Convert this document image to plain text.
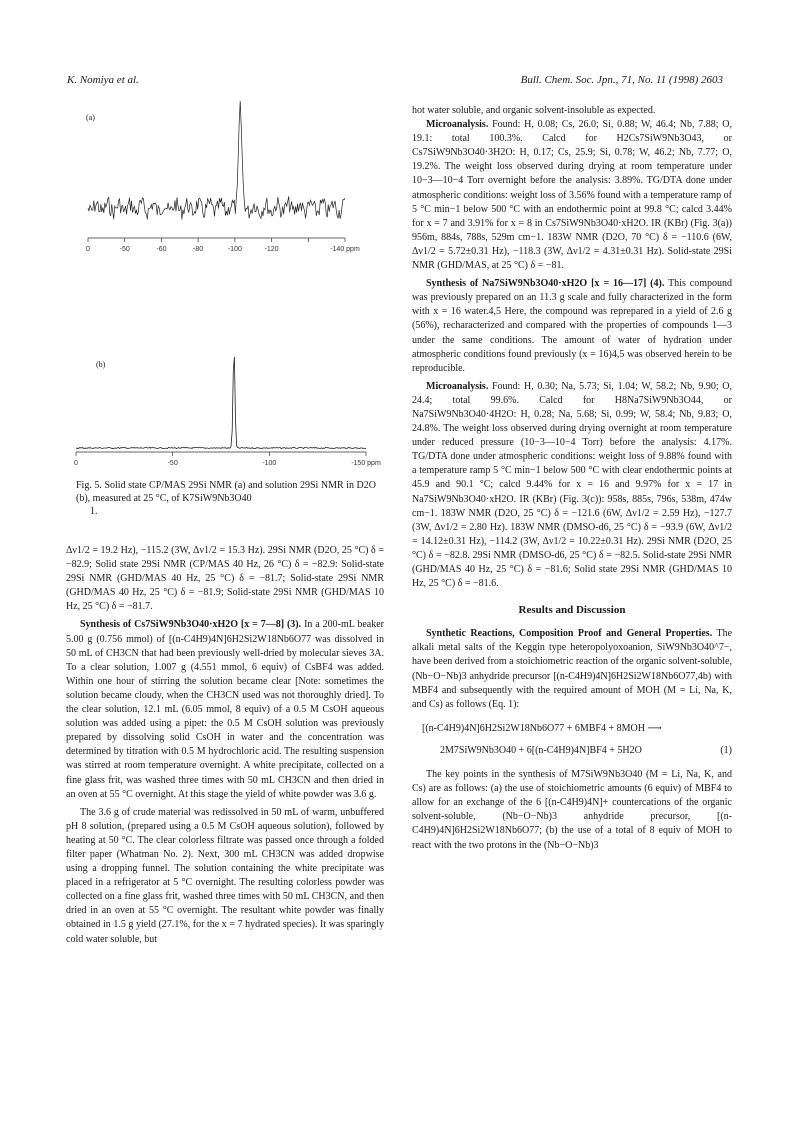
K. Nomiya et al.	Bull. Chem. Soc. Jpn., 71, No. 11 (1998) 2603
0	-50	-60	-80	-100	-120	-140 ppm
0	-50	-100	-150 ppm
(a)
(b)
Fig. 5. Solid state CP/MAS 29Si NMR (a) and solution 29Si NMR in D2O (b), measured at 25 °C, of K7SiW9Nb3O40
1.

Δν1/2 = 19.2 Hz), −115.2 (3W, Δν1/2 = 15.3 Hz). 29Si NMR (D2O, 25 °C) δ = −82.9; Solid state 29Si NMR (CP/MAS 40 Hz, 26 °C) δ = −82.9: Solid-state 29Si NMR (GHD/MAS 40 Hz, 25 °C) δ = −81.7; Solid-state 29Si NMR (GHD/MAS 40 Hz, 25 °C) δ = −81.9; Solid-state 29Si NMR (GHD/MAS 10 Hz, 25 °C) δ = −81.7.

Synthesis of Cs7SiW9Nb3O40·xH2O [x = 7—8] (3). In a 200-mL beaker 5.00 g (0.756 mmol) of [(n-C4H9)4N]6H2Si2W18Nb6O77 was dissolved in 50 mL of CH3CN that had been previously well-dried by molecular sieves 3A. To a clear solution, 1.007 g (4.551 mmol, 6 equiv) of CsBF4 was added. Within one hour of stirring the solution became clear [Note: sometimes the solution became cloudy, when the CH3CN used was not thoroughly dried]. To the clear solution, 12.1 mL (6.05 mmol, 8 equiv) of a 0.5 M CsOH aqueous solution was added using a pipet: the 0.5 M CsOH solution was previously prepared by dissolving solid CsOH in water and the concentration was determined by titration with 0.5 M hydrochloric acid. The resulting suspension was stirred at room temperature overnight. A white precipitate, collected on a fine glass frit, was washed three times with 50 mL CH3CN and then dried in an oven at 55 °C overnight. At this stage the yield of white powder was 3.6 g.

The 3.6 g of crude material was redissolved in 50 mL of warm, unbuffered pH 8 solution, (prepared using a 0.5 M CsOH aqueous solution), followed by heating at 50 °C. The clear colorless filtrate was passed once through a folded filter paper (Whatman No. 2). Next, 300 mL CH3CN was added dropwise using a dropping funnel. The solution containing the white precipitate was placed in a refrigerator at 5 °C overnight. The resulting colorless powder was collected on a fine glass frit, washed three times with 50 mL CH3CN, and then dried in an oven at 55 °C overnight. The resultant white powder was finally obtained in 1.5 g yield (27.1%, for the x = 7 hydrated species). It was sparingly cold water soluble, but

hot water soluble, and organic solvent-insoluble as expected.

Microanalysis. Found: H, 0.08; Cs, 26.0; Si, 0.88; W, 46.4; Nb, 7.88; O, 19.1: total 100.3%. Calcd for H2Cs7SiW9Nb3O43, or Cs7SiW9Nb3O40·3H2O: H, 0.17; Cs, 25.9; Si, 0.78; W, 46.2; Nb, 7.77; O, 19.2%. The weight loss observed during drying at room temperature under 10−3—10−4 Torr overnight before the analysis: 3.89%. TG/DTA done under atmospheric conditions: weight loss of 3.56% found with a temperature ramp of 5 °C min−1 below 500 °C with an endothermic point at 99.8 °C; calcd 3.44% for x = 7 and 3.91% for x = 8 in Cs7SiW9Nb3O40·xH2O. IR (KBr) (Fig. 3(a)) 956m, 884s, 788s, 529m cm−1. 183W NMR (D2O, 70 °C) δ = −110.6 (6W, Δν1/2 = 5.72±0.31 Hz), −118.3 (3W, Δν1/2 = 4.31±0.31 Hz). Solid-state 29Si NMR (GHD/MAS, at 25 °C) δ = −81.

Synthesis of Na7SiW9Nb3O40·xH2O [x = 16—17] (4). This compound was previously prepared on an 11.3 g scale and fully characterized in the form with x = 16 water.4,5 Here, the compound was reprepared in a yield of 2.6 g (56%), recharacterized and compared with the properties of compounds 1—3 under the same conditions. The amount of water of hydration under atmospheric conditions found previously (x = 16)4,5 was observed herein to be reproducible.

Microanalysis. Found: H, 0.30; Na, 5.73; Si, 1.04; W, 58.2; Nb, 9.90; O, 24.4; total 99.6%. Calcd for H8Na7SiW9Nb3O44, or Na7SiW9Nb3O40·4H2O: H, 0.28; Na, 5.68; Si, 0.99; W, 58.4; Nb, 9.83; O, 24.8%. The weight loss observed during drying overnight at room temperature under reduced pressure (10−3—10−4 Torr) before the analysis: 4.17%. TG/DTA done under atmospheric conditions: weight loss of 9.88% found with a temperature ramp 5 °C min−1 below 500 °C with clear endothermic points at 45.9 and 90.1 °C; calcd 9.44% for x = 16 and 9.97% for x = 17 in Na7SiW9Nb3O40·xH2O. IR (KBr) (Fig. 3(c)): 958s, 885s, 796s, 538m, 474w cm−1. 183W NMR (D2O, 25 °C) δ = −121.6 (6W, Δν1/2 = 2.59 Hz), −127.7 (3W, Δν1/2 = 2.80 Hz). 183W NMR (DMSO-d6, 25 °C) δ = −93.9 (6W, Δν1/2 = 14.12±0.31 Hz), −114.2 (3W, Δν1/2 = 10.22±0.31 Hz). 29Si NMR (D2O, 25 °C) δ = −82.8. 29Si NMR (DMSO-d6, 25 °C) δ = −82.5. Solid-state 29Si NMR (GHD/MAS 40 Hz, 25 °C) δ = −81.6; Solid state 29Si NMR (GHD/MAS 10 Hz, 25 °C) δ = −81.6.

Results and Discussion

Synthetic Reactions, Composition Proof and General Properties. The alkali metal salts of the Keggin type heteropolyoxoanion, SiW9Nb3O40^7−, have been derived from a stoichiometric reaction of the organic solvent-soluble, (Nb−O−Nb)3 anhydride precursor [(n-C4H9)4N]6H2Si2W18Nb6O77,4b) with MBF4 and subsequently with the required amount of MOH (M = Li, Na, K, and Cs) as follows (Eq. 1):

[(n-C4H9)4N]6H2Si2W18Nb6O77 + 6MBF4 + 8MOH ⟶
2M7SiW9Nb3O40 + 6[(n-C4H9)4N]BF4 + 5H2O	(1)

The key points in the synthesis of M7SiW9Nb3O40 (M = Li, Na, K, and Cs) are as follows: (a) the use of stoichiometric amounts (6 equiv) of MBF4 to allow for an exchange of the 6 [(n-C4H9)4N]+ countercations of the organic solvent-soluble, (Nb−O−Nb)3 anhydride precursor, [(n-C4H9)4N]6H2Si2W18Nb6O77; (b) the use of a total of 8 equiv of MOH to react with the two protons in the (Nb−O−Nb)3
